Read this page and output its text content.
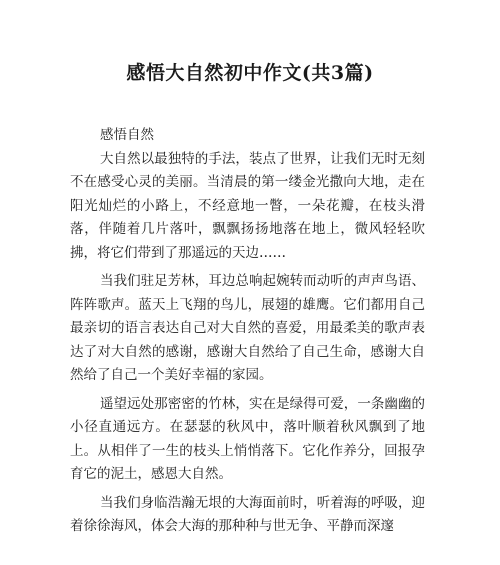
感悟大自然初中作文(共3篇)

感悟自然

大自然以最独特的手法，装点了世界，让我们无时无刻不在感受心灵的美丽。当清晨的第一缕金光撒向大地，走在阳光灿烂的小路上，不经意地一瞥，一朵花瓣，在枝头滑落，伴随着几片落叶，飘飘扬扬地落在地上，微风轻轻吹拂，将它们带到了那遥远的天边……

当我们驻足芳林，耳边总响起婉转而动听的声声鸟语、阵阵歌声。蓝天上飞翔的鸟儿，展翅的雄鹰。它们都用自己最亲切的语言表达自己对大自然的喜爱，用最柔美的歌声表达了对大自然的感谢，感谢大自然给了自己生命，感谢大自然给了自己一个美好幸福的家园。

遥望远处那密密的竹林，实在是绿得可爱，一条幽幽的小径直通远方。在瑟瑟的秋风中，落叶顺着秋风飘到了地上。从相伴了一生的枝头上悄悄落下。它化作养分，回报孕育它的泥土，感恩大自然。

当我们身临浩瀚无垠的大海面前时，听着海的呼吸，迎着徐徐海风，体会大海的那种种与世无争、平静而深邃
